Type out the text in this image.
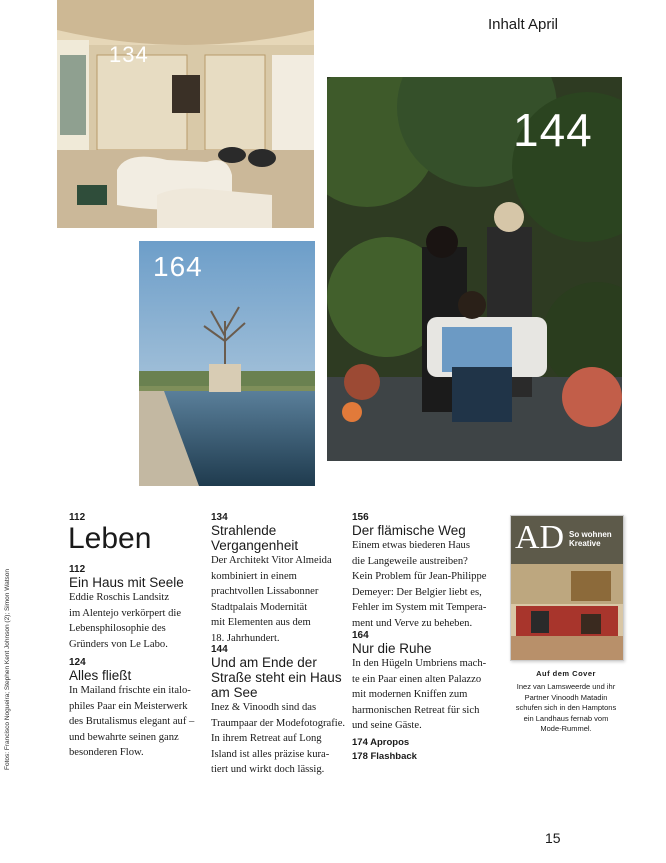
Inhalt April
134
164
144
112
Leben
112
Ein Haus mit Seele
Eddie Roschis Landsitz
im Alentejo verkörpert die
Lebensphilosophie des
Gründers von Le Labo.
124
Alles fließt
In Mailand frischte ein italo-
philes Paar ein Meisterwerk
des Brutalismus elegant auf –
und bewahrte seinen ganz
besonderen Flow.
134
Strahlende
Vergangenheit
Der Architekt Vitor Almeida
kombiniert in einem
prachtvollen Lissabonner
Stadtpalais Modernität
mit Elementen aus dem
18. Jahrhundert.
144
Und am Ende der
Straße steht ein Haus
am See
Inez & Vinoodh sind das
Traumpaar der Modefotografie.
In ihrem Retreat auf Long
Island ist alles präzise kura-
tiert und wirkt doch lässig.
156
Der flämische Weg
Einem etwas biederen Haus
die Langeweile austreiben?
Kein Problem für Jean-Philippe
Demeyer: Der Belgier liebt es,
Fehler im System mit Tempera-
ment und Verve zu beheben.
164
Nur die Ruhe
In den Hügeln Umbriens mach-
te ein Paar einen alten Palazzo
mit modernen Kniffen zum
harmonischen Retreat für sich
und seine Gäste.
174 Apropos
178 Flashback
AD So wohnen Kreative
Auf dem Cover
Inez van Lamsweerde und ihr
Partner Vinoodh Matadin
schufen sich in den Hamptons
ein Landhaus fernab vom
Mode-Rummel.
Fotos: Francisco Nogueira; Stephen Kent Johnson (2); Simon Watson
15
